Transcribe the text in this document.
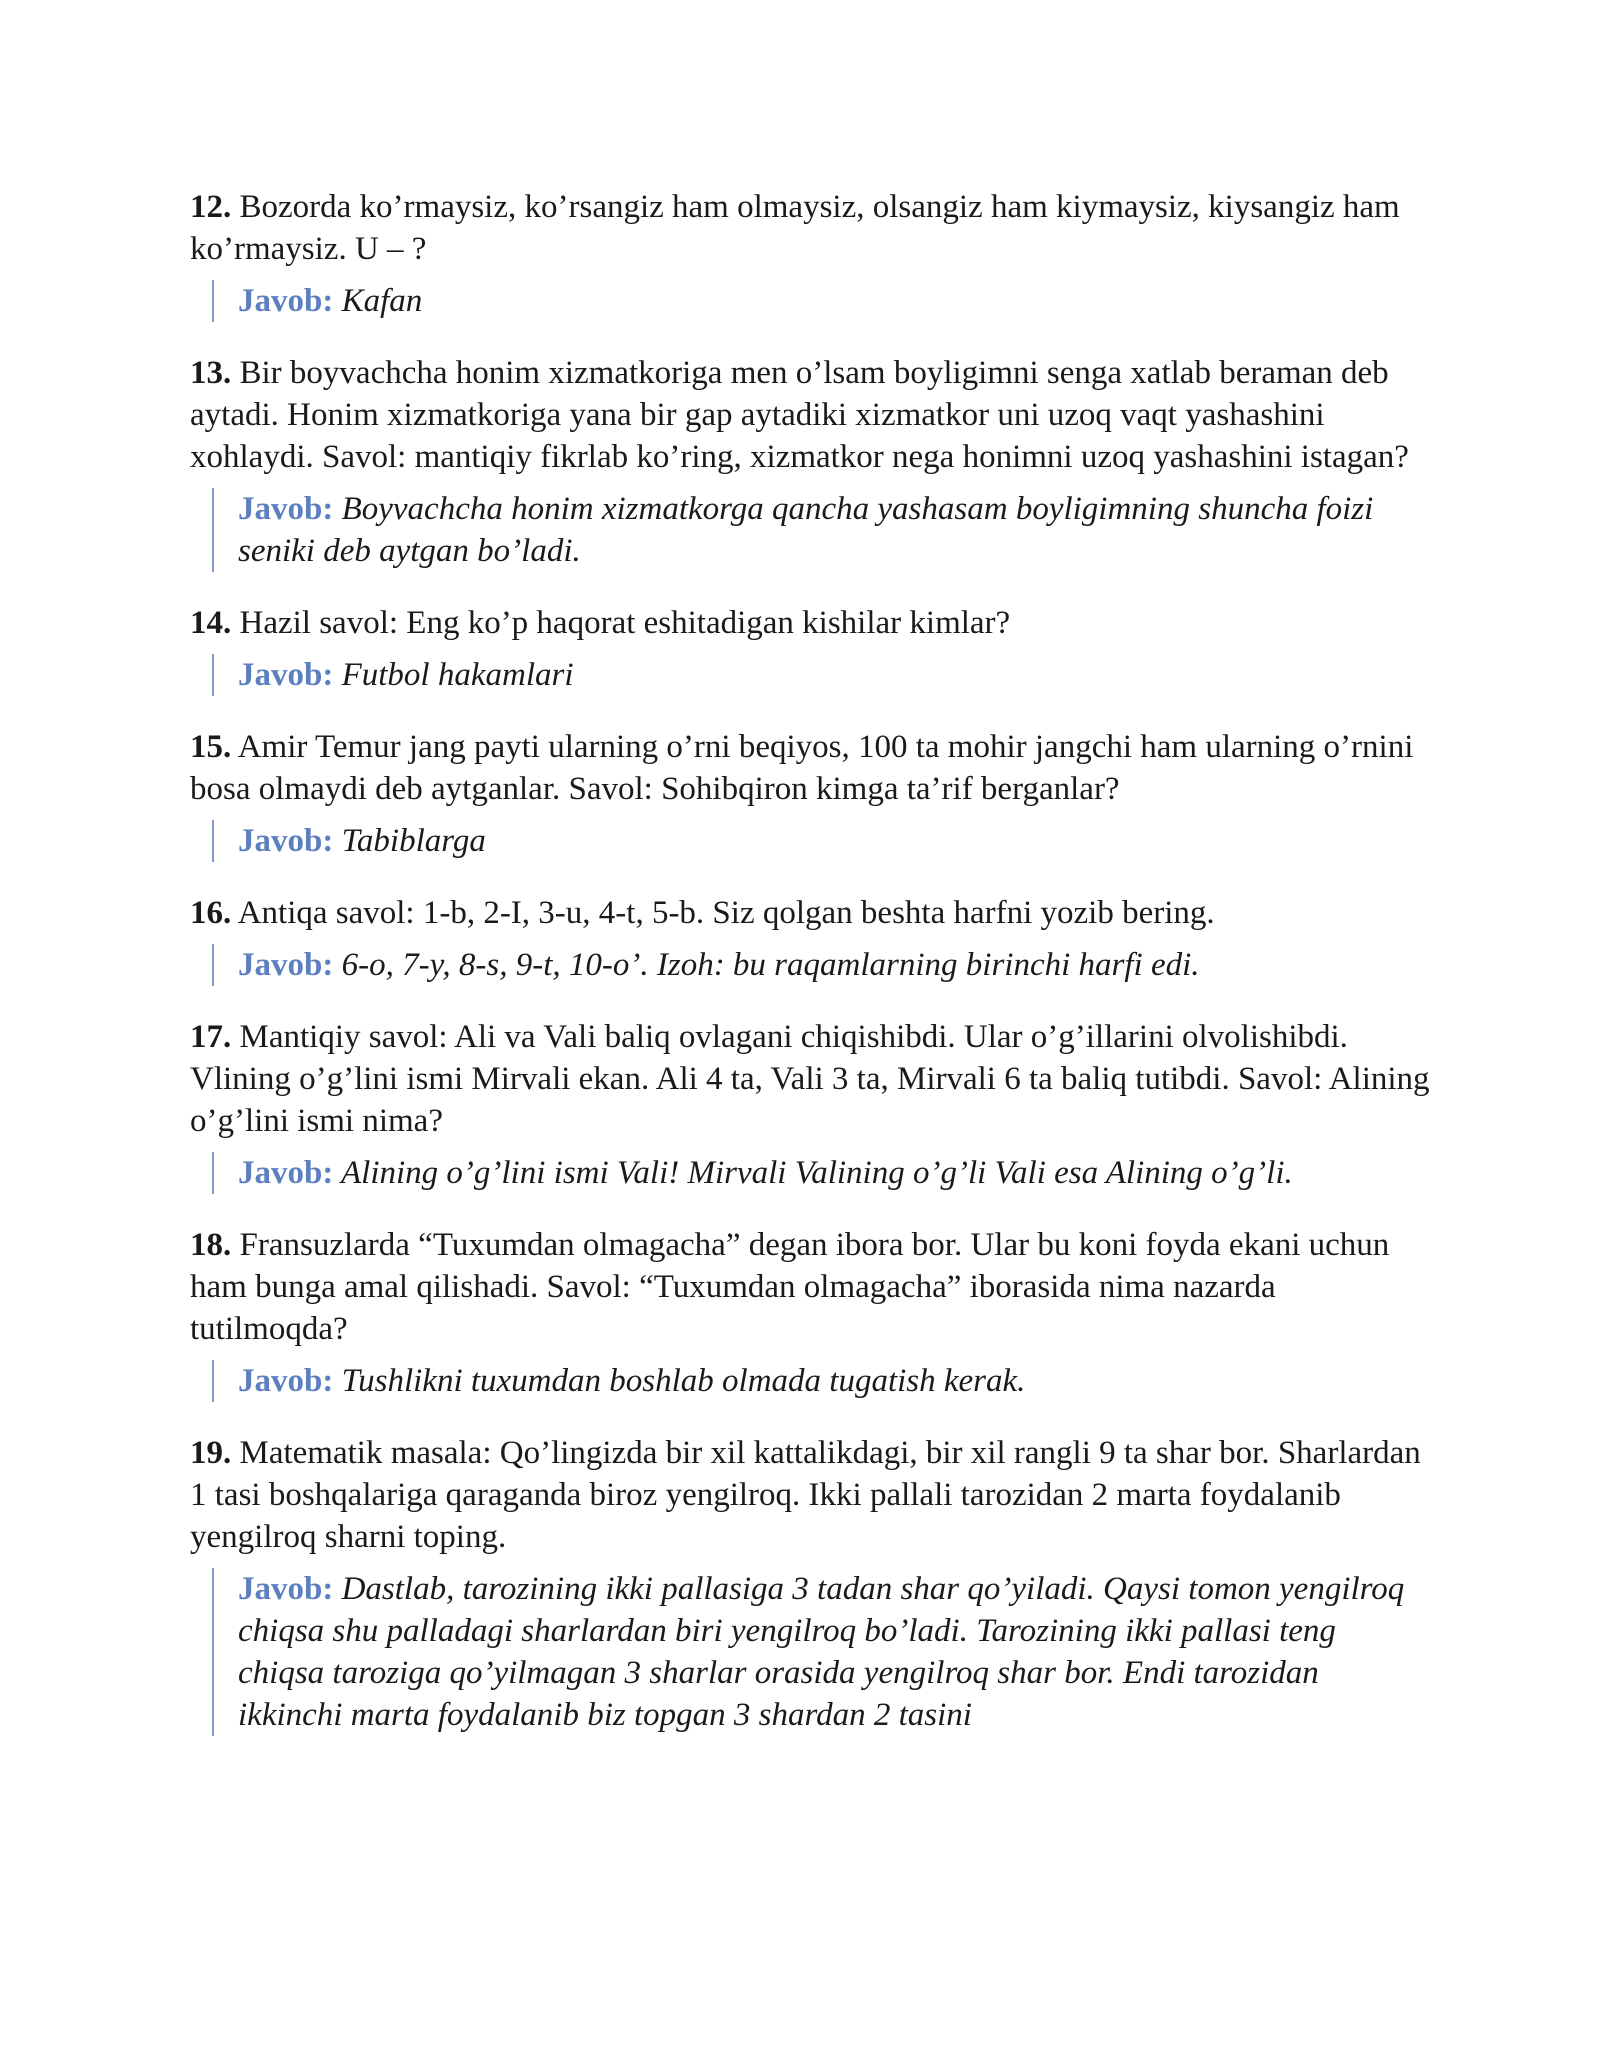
12. Bozorda ko’rmaysiz, ko’rsangiz ham olmaysiz, olsangiz ham kiymaysiz, kiysangiz ham ko’rmaysiz. U – ?

Javob: Kafan

13. Bir boyvachcha honim xizmatkoriga men o’lsam boyligimni senga xatlab beraman deb aytadi. Honim xizmatkoriga yana bir gap aytadiki xizmatkor uni uzoq vaqt yashashini xohlaydi. Savol: mantiqiy fikrlab ko’ring, xizmatkor nega honimni uzoq yashashini istagan?

Javob: Boyvachcha honim xizmatkorga qancha yashasam boyligimning shuncha foizi seniki deb aytgan bo’ladi.

14. Hazil savol: Eng ko’p haqorat eshitadigan kishilar kimlar?

Javob: Futbol hakamlari

15. Amir Temur jang payti ularning o’rni beqiyos, 100 ta mohir jangchi ham ularning o’rnini bosa olmaydi deb aytganlar. Savol: Sohibqiron kimga ta’rif berganlar?

Javob: Tabiblarga

16. Antiqa savol: 1-b, 2-I, 3-u, 4-t, 5-b. Siz qolgan beshta harfni yozib bering.

Javob: 6-o, 7-y, 8-s, 9-t, 10-o’. Izoh: bu raqamlarning birinchi harfi edi.

17. Mantiqiy savol: Ali va Vali baliq ovlagani chiqishibdi. Ular o’g’illarini olvolishibdi. Vlining o’g’lini ismi Mirvali ekan. Ali 4 ta, Vali 3 ta, Mirvali 6 ta baliq tutibdi. Savol: Alining o’g’lini ismi nima?

Javob: Alining o’g’lini ismi Vali! Mirvali Valining o’g’li Vali esa Alining o’g’li.

18. Fransuzlarda “Tuxumdan olmagacha” degan ibora bor. Ular bu koni foyda ekani uchun ham bunga amal qilishadi. Savol: “Tuxumdan olmagacha” iborasida nima nazarda tutilmoqda?

Javob: Tushlikni tuxumdan boshlab olmada tugatish kerak.

19. Matematik masala: Qo’lingizda bir xil kattalikdagi, bir xil rangli 9 ta shar bor. Sharlardan 1 tasi boshqalariga qaraganda biroz yengilroq. Ikki pallali tarozidan 2 marta foydalanib yengilroq sharni toping.

Javob: Dastlab, tarozining ikki pallasiga 3 tadan shar qo’yiladi. Qaysi tomon yengilroq chiqsa shu palladagi sharlardan biri yengilroq bo’ladi. Tarozining ikki pallasi teng chiqsa taroziga qo’yilmagan 3 sharlar orasida yengilroq shar bor. Endi tarozidan ikkinchi marta foydalanib biz topgan 3 shardan 2 tasini
